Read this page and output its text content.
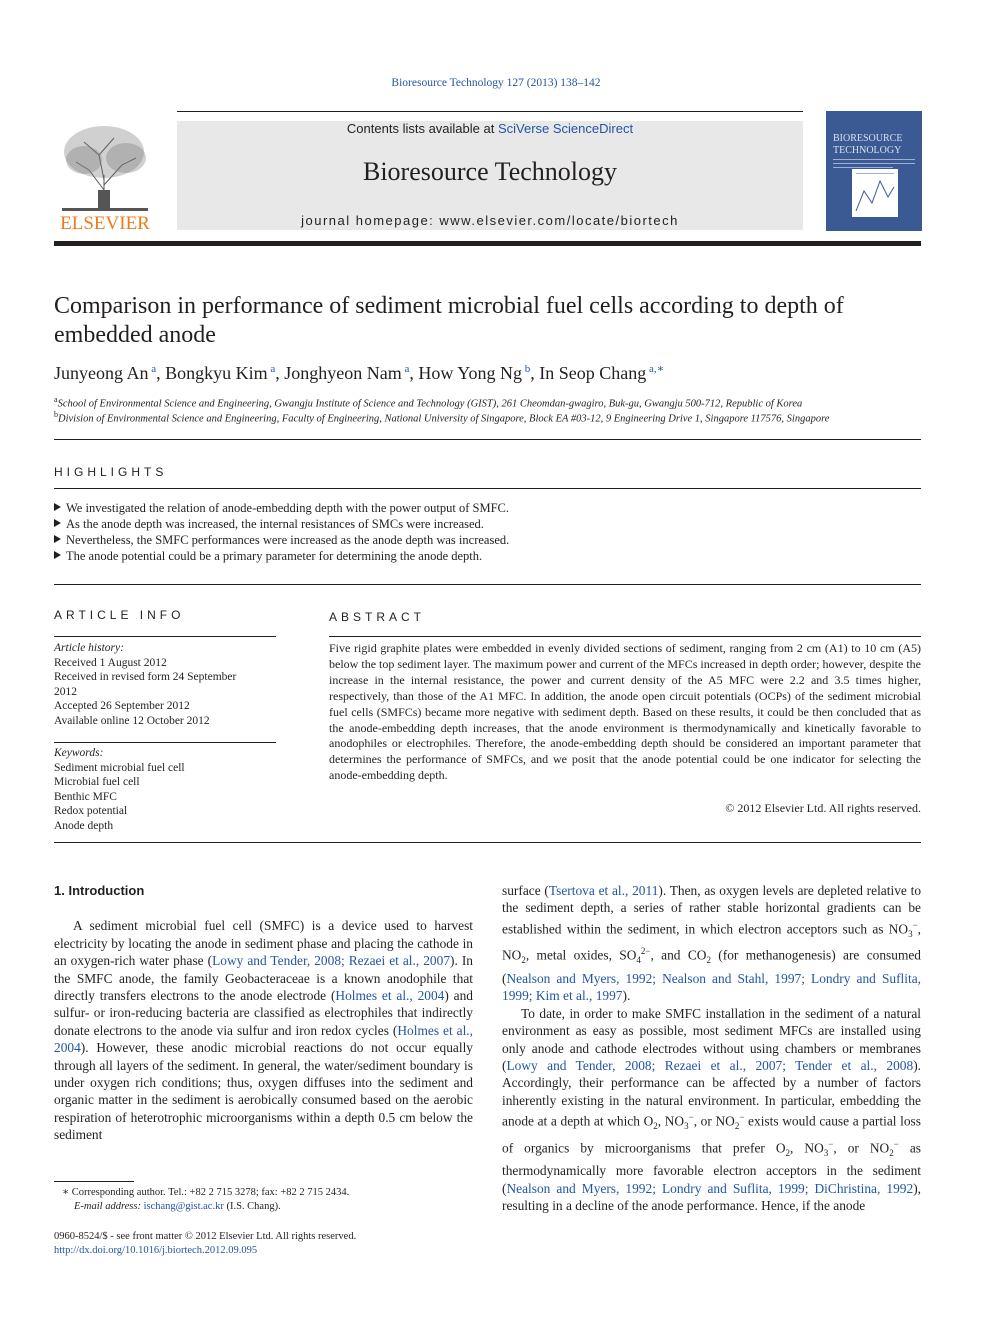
Bioresource Technology 127 (2013) 138–142
ELSEVIER
Contents lists available at SciVerse ScienceDirect
Bioresource Technology
journal homepage: www.elsevier.com/locate/biortech
BIORESOURCE
TECHNOLOGY
Comparison in performance of sediment microbial fuel cells according to depth of embedded anode
Junyeong An $^a$, Bongkyu Kim $^a$, Jonghyeon Nam $^a$, How Yong Ng $^b$, In Seop Chang $^{a,∗}$
$^a$School of Environmental Science and Engineering, Gwangju Institute of Science and Technology (GIST), 261 Cheomdan-gwagiro, Buk-gu, Gwangju 500-712, Republic of Korea
$^b$Division of Environmental Science and Engineering, Faculty of Engineering, National University of Singapore, Block EA #03-12, 9 Engineering Drive 1, Singapore 117576, Singapore
HIGHLIGHTS
We investigated the relation of anode-embedding depth with the power output of SMFC.
As the anode depth was increased, the internal resistances of SMCs were increased.
Nevertheless, the SMFC performances were increased as the anode depth was increased.
The anode potential could be a primary parameter for determining the anode depth.
ARTICLE INFO
Article history:
Received 1 August 2012
Received in revised form 24 September
2012
Accepted 26 September 2012
Available online 12 October 2012
Keywords:
Sediment microbial fuel cell
Microbial fuel cell
Benthic MFC
Redox potential
Anode depth
ABSTRACT
Five rigid graphite plates were embedded in evenly divided sections of sediment, ranging from 2 cm (A1) to 10 cm (A5) below the top sediment layer. The maximum power and current of the MFCs increased in depth order; however, despite the increase in the internal resistance, the power and current density of the A5 MFC were 2.2 and 3.5 times higher, respectively, than those of the A1 MFC. In addition, the anode open circuit potentials (OCPs) of the sediment microbial fuel cells (SMFCs) became more negative with sediment depth. Based on these results, it could be then concluded that as the anode-embedding depth increases, that the anode environment is thermodynamically and kinetically favorable to anodophiles or electrophiles. Therefore, the anode-embedding depth should be considered an important parameter that determines the performance of SMFCs, and we posit that the anode potential could be one indicator for selecting the anode-embedding depth.
© 2012 Elsevier Ltd. All rights reserved.
1. Introduction

A sediment microbial fuel cell (SMFC) is a device used to harvest electricity by locating the anode in sediment phase and placing the cathode in an oxygen-rich water phase (Lowy and Tender, 2008; Rezaei et al., 2007). In the SMFC anode, the family Geobacteraceae is a known anodophile that directly transfers electrons to the anode electrode (Holmes et al., 2004) and sulfur- or iron-reducing bacteria are classified as electrophiles that indirectly donate electrons to the anode via sulfur and iron redox cycles (Holmes et al., 2004). However, these anodic microbial reactions do not occur equally through all layers of the sediment. In general, the water/sediment boundary is under oxygen rich conditions; thus, oxygen diffuses into the sediment and organic matter in the sediment is aerobically consumed based on the aerobic respiration of heterotrophic microorganisms within a depth 0.5 cm below the sediment

surface (Tsertova et al., 2011). Then, as oxygen levels are depleted relative to the sediment depth, a series of rather stable horizontal gradients can be established within the sediment, in which electron acceptors such as $NO_3^-$, $NO_2$, metal oxides, $SO_4^{2-}$, and $CO_2$ (for methanogenesis) are consumed (Nealson and Myers, 1992; Nealson and Stahl, 1997; Londry and Suflita, 1999; Kim et al., 1997).

To date, in order to make SMFC installation in the sediment of a natural environment as easy as possible, most sediment MFCs are installed using only anode and cathode electrodes without using chambers or membranes (Lowy and Tender, 2008; Rezaei et al., 2007; Tender et al., 2008). Accordingly, their performance can be affected by a number of factors inherently existing in the natural environment. In particular, embedding the anode at a depth at which $O_2$, $NO_3^-$, or $NO_2^-$ exists would cause a partial loss of organics by microorganisms that prefer $O_2$, $NO_3^-$, or $NO_2^-$ as thermodynamically more favorable electron acceptors in the sediment (Nealson and Myers, 1992; Londry and Suflita, 1999; DiChristina, 1992), resulting in a decline of the anode performance. Hence, if the anode

∗ Corresponding author. Tel.: +82 2 715 3278; fax: +82 2 715 2434.
E-mail address: ischang@gist.ac.kr (I.S. Chang).
0960-8524/$ - see front matter © 2012 Elsevier Ltd. All rights reserved.
http://dx.doi.org/10.1016/j.biortech.2012.09.095
